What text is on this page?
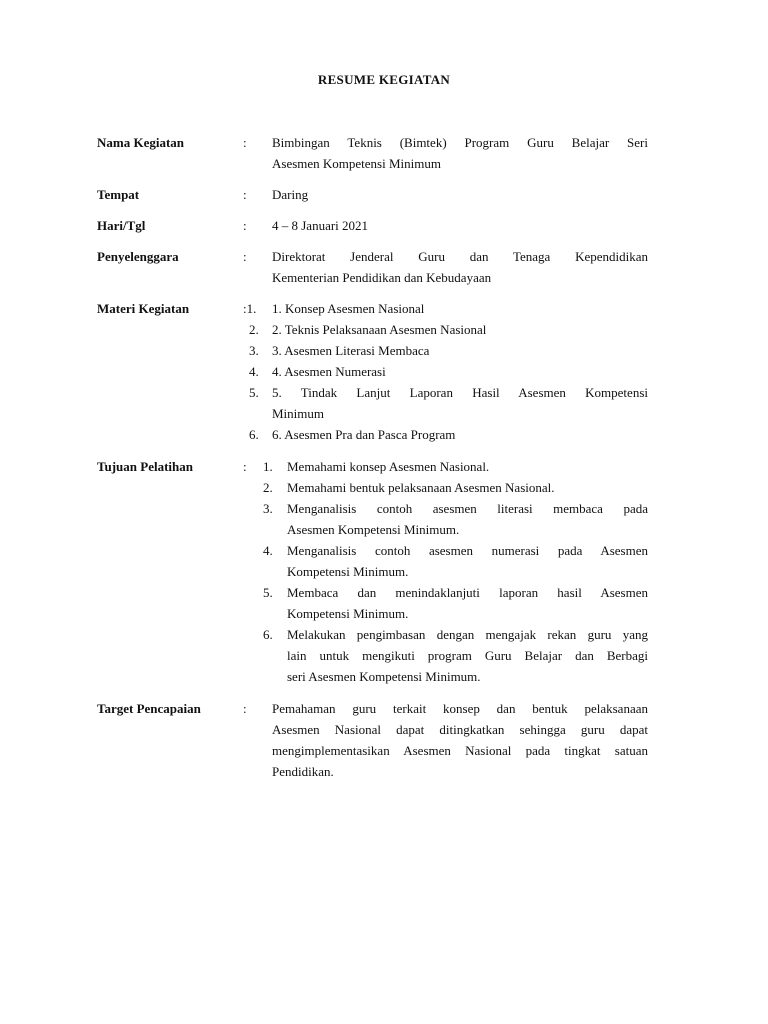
RESUME KEGIATAN
Nama Kegiatan	: Bimbingan Teknis (Bimtek) Program Guru Belajar Seri
Asesmen Kompetensi Minimum
Tempat	: Daring
Hari/Tgl	: 4 – 8 Januari 2021
Penyelenggara	: Direktorat Jenderal Guru dan Tenaga Kependidikan
Kementerian Pendidikan dan Kebudayaan
Materi Kegiatan	:1. 1. Konsep Asesmen Nasional
2. 2. Teknis Pelaksanaan Asesmen Nasional
3. 3. Asesmen Literasi Membaca
4. 4. Asesmen Numerasi
5. 5. Tindak Lanjut Laporan Hasil Asesmen Kompetensi
Minimum
6. 6. Asesmen Pra dan Pasca Program
Tujuan Pelatihan	: 1. Memahami konsep Asesmen Nasional.
2. Memahami bentuk pelaksanaan Asesmen Nasional.
3. Menganalisis contoh asesmen literasi membaca pada
Asesmen Kompetensi Minimum.
4. Menganalisis contoh asesmen numerasi pada Asesmen
Kompetensi Minimum.
5. Membaca dan menindaklanjuti laporan hasil Asesmen
Kompetensi Minimum.
6. Melakukan pengimbasan dengan mengajak rekan guru yang
lain untuk mengikuti program Guru Belajar dan Berbagi
seri Asesmen Kompetensi Minimum.
Target Pencapaian	: Pemahaman guru terkait konsep dan bentuk pelaksanaan
Asesmen Nasional dapat ditingkatkan sehingga guru dapat
mengimplementasikan Asesmen Nasional pada tingkat satuan
Pendidikan.
